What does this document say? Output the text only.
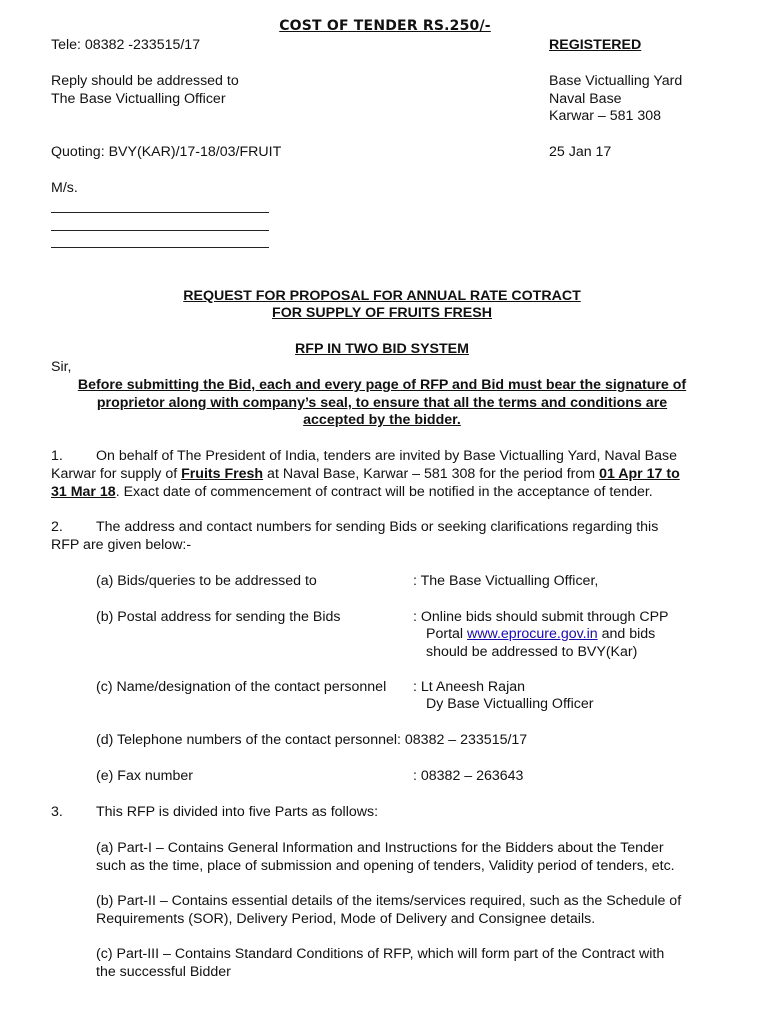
COST OF TENDER RS.250/-
Tele: 08382 -233515/17	REGISTERED
Reply should be addressed to
The Base Victualling Officer
Base Victualling Yard
Naval Base
Karwar – 581 308
Quoting: BVY(KAR)/17-18/03/FRUIT	25 Jan 17
M/s.
REQUEST FOR PROPOSAL FOR ANNUAL RATE COTRACT
FOR SUPPLY OF FRUITS FRESH
RFP IN TWO BID SYSTEM
Sir,
Before submitting the Bid, each and every page of RFP and Bid must bear the signature of
proprietor along with company’s seal, to ensure that all the terms and conditions are
accepted by the bidder.
1. On behalf of The President of India, tenders are invited by Base Victualling Yard, Naval Base
Karwar for supply of Fruits Fresh at Naval Base, Karwar – 581 308 for the period from 01 Apr 17 to
31 Mar 18. Exact date of commencement of contract will be notified in the acceptance of tender.
2. The address and contact numbers for sending Bids or seeking clarifications regarding this
RFP are given below:-
(a) Bids/queries to be addressed to	: The Base Victualling Officer,
(b) Postal address for sending the Bids	: Online bids should submit through CPP
Portal www.eprocure.gov.in and bids
should be addressed to BVY(Kar)
(c) Name/designation of the contact personnel : Lt Aneesh Rajan
Dy Base Victualling Officer
(d) Telephone numbers of the contact personnel: 08382 – 233515/17
(e) Fax number	: 08382 – 263643
3. This RFP is divided into five Parts as follows:
(a) Part-I – Contains General Information and Instructions for the Bidders about the Tender
such as the time, place of submission and opening of tenders, Validity period of tenders, etc.
(b) Part-II – Contains essential details of the items/services required, such as the Schedule of
Requirements (SOR), Delivery Period, Mode of Delivery and Consignee details.
(c) Part-III – Contains Standard Conditions of RFP, which will form part of the Contract with
the successful Bidder
